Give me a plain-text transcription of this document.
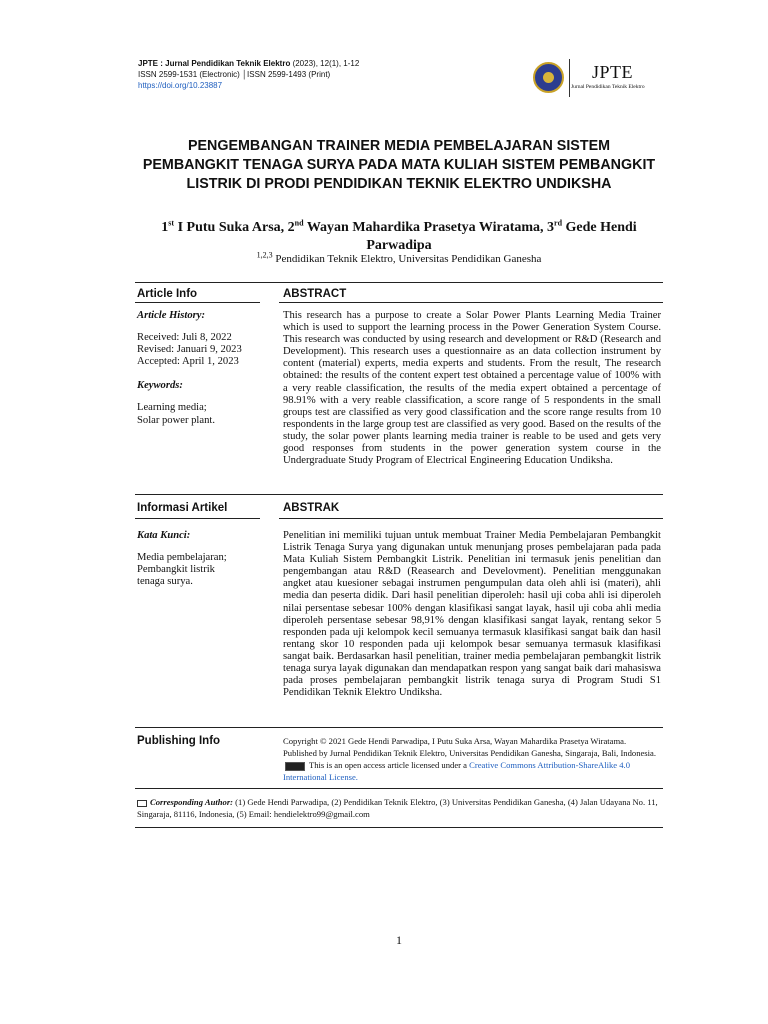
JPTE : Jurnal Pendidikan Teknik Elektro (2023), 12(1), 1-12
ISSN 2599-1531 (Electronic) │ISSN 2599-1493 (Print)
https://doi.org/10.23887
JPTE
Jurnal Pendidikan Teknik Elektro
PENGEMBANGAN TRAINER MEDIA PEMBELAJARAN SISTEM PEMBANGKIT TENAGA SURYA PADA MATA KULIAH SISTEM PEMBANGKIT LISTRIK DI PRODI PENDIDIKAN TEKNIK ELEKTRO UNDIKSHA
1st I Putu Suka Arsa, 2nd Wayan Mahardika Prasetya Wiratama, 3rd Gede Hendi Parwadipa
$^{1,2,3}$ Pendidikan Teknik Elektro, Universitas Pendidikan Ganesha
Article Info
Article History:
Received: Juli 8, 2022
Revised: Januari 9, 2023
Accepted: April 1, 2023
Keywords:
Learning media;
Solar power plant.
ABSTRACT
This research has a purpose to create a Solar Power Plants Learning Media Trainer which is used to support the learning process in the Power Generation System Course. This research was conducted by using research and development or R&D (Research and Development). This research uses a questionnaire as an data collection instrument by content (material) experts, media experts and students. From the result, The research obtained: the results of the content expert test obtained a percentage value of 100% with a very reable classification, the results of the media expert obtained a percentage of 98.91% with a very reable classification, a score range of 5 respondents in the small groups test are classified as very good classification and the score range results from 10 respondents in the large group test are classified as very good. Based on the results of the study, the solar power plants learning media trainer is reable to be used and gets very good responses from students in the power generation system course in the Undergraduate Study Program of Electrical Engineering Education Undiksha.
Informasi Artikel
Kata Kunci:
Media pembelajaran;
Pembangkit listrik
tenaga surya.
ABSTRAK
Penelitian ini memiliki tujuan untuk membuat Trainer Media Pembelajaran Pembangkit Listrik Tenaga Surya yang digunakan untuk menunjang proses pembelajaran pada pada Mata Kuliah Sistem Pembangkit Listrik. Penelitian ini termasuk jenis penelitian dan pengembangan atau R&D (Reasearch and Develovment). Penelitian menggunakan angket atau kuesioner sebagai instrumen pengumpulan data oleh ahli isi (materi), ahli media dan peserta didik. Dari hasil penelitian diperoleh: hasil uji coba ahli isi diperoleh nilai persentase sebesar 100% dengan klasifikasi sangat layak, hasil uji coba ahli media diperoleh persentase sebesar 98,91% dengan klasifikasi sangat layak, rentang sekor 5 responden pada uji kelompok kecil semuanya termasuk klasifikasi sangat baik dan hasil rentang skor 10 responden pada uji kelompok besar semuanya termasuk klasifikasi sangat baik. Berdasarkan hasil penelitian, trainer media pembelajaran pembangkit listrik tenaga surya layak digunakan dan mendapatkan respon yang sangat baik dari mahasiswa pada proses pembelajaran pembangkit listrik tenaga surya di Program Studi S1 Pendidikan Teknik Elektro Undiksha.
Publishing Info	Copyright © 2021 Gede Hendi Parwadipa, I Putu Suka Arsa, Wayan Mahardika Prasetya Wiratama. Published by Jurnal Pendidikan Teknik Elektro, Universitas Pendidikan Ganesha, Singaraja, Bali, Indonesia.  This is an open access article licensed under a Creative Commons Attribution-ShareAlike 4.0 International License.
Corresponding Author: (1) Gede Hendi Parwadipa, (2) Pendidikan Teknik Elektro, (3) Universitas Pendidikan Ganesha, (4) Jalan Udayana No. 11, Singaraja, 81116, Indonesia, (5) Email: hendielektro99@gmail.com
1
